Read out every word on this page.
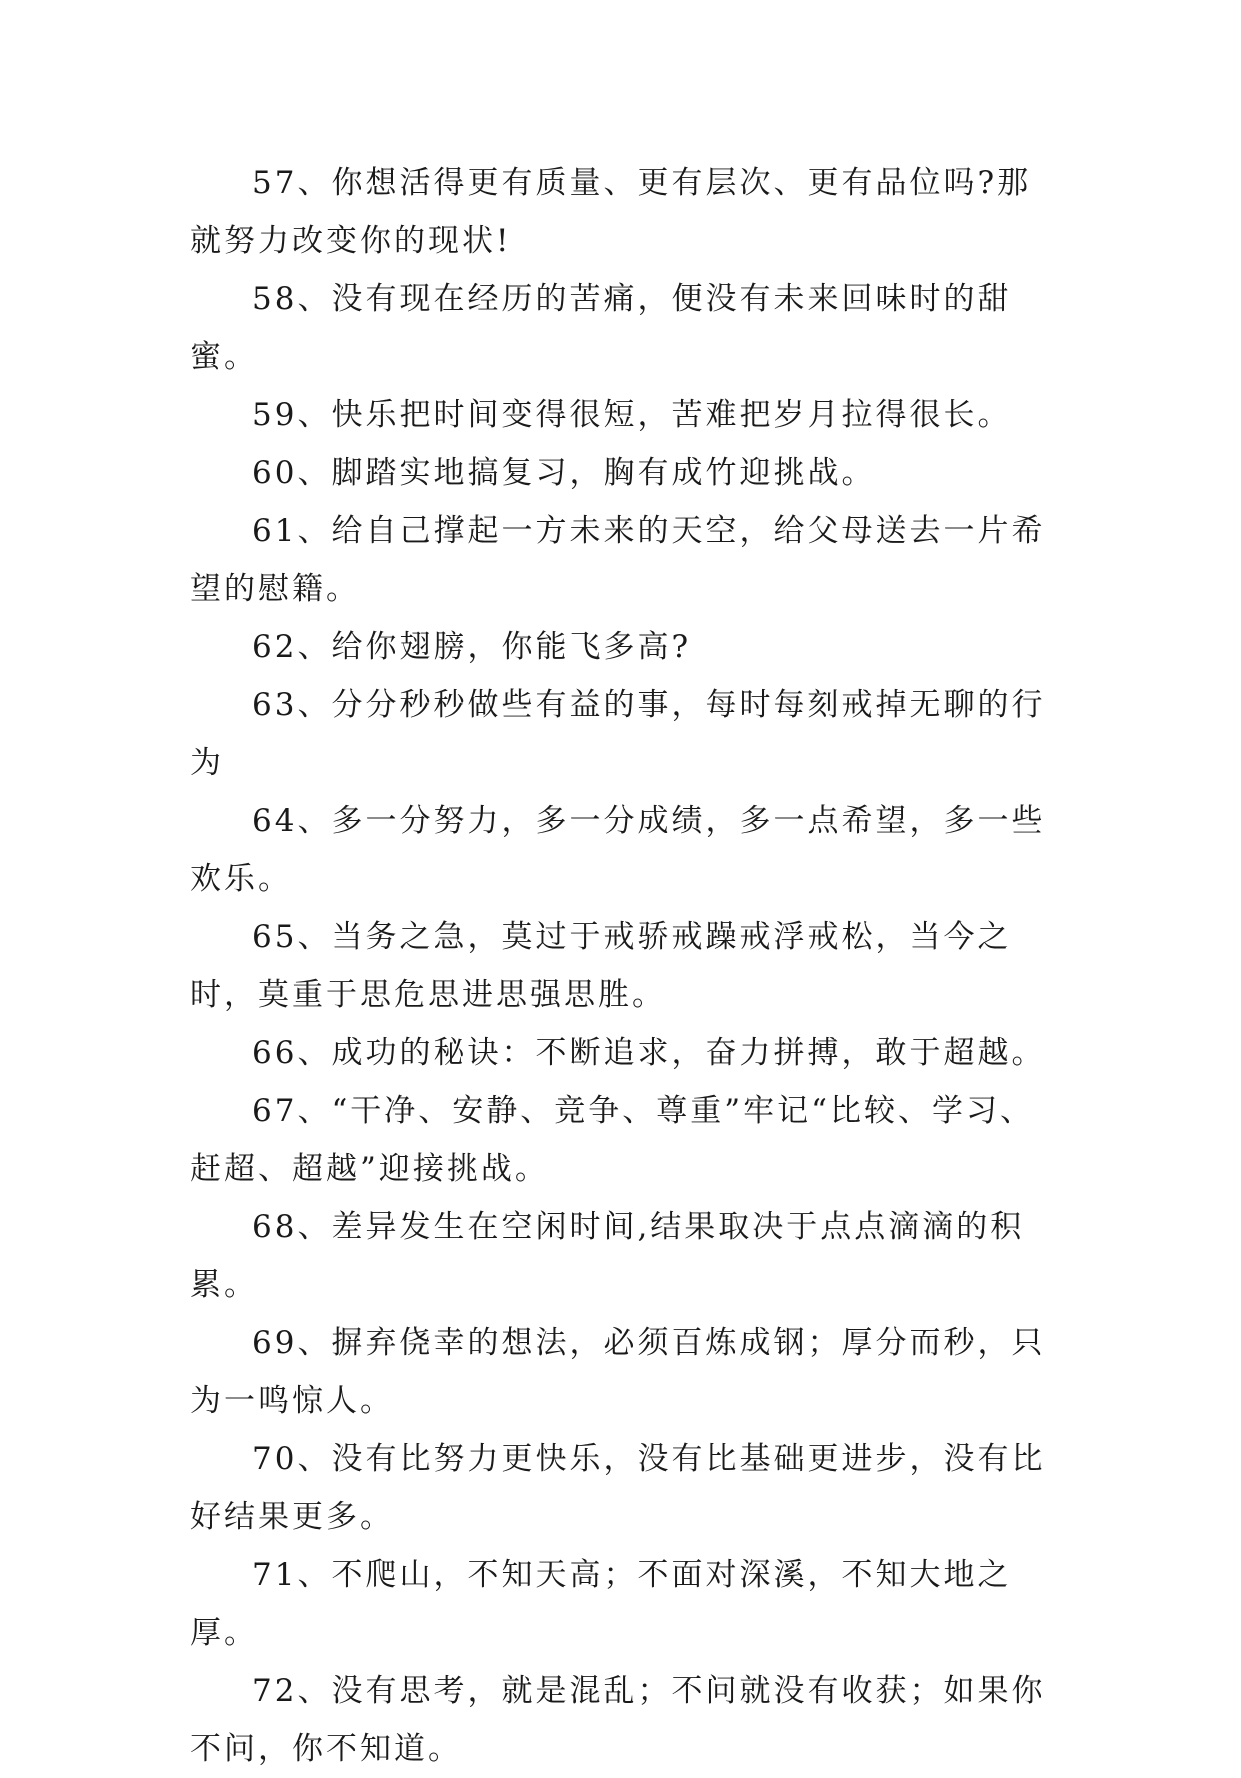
57、你想活得更有质量、更有层次、更有品位吗?那就努力改变你的现状!

58、没有现在经历的苦痛，便没有未来回味时的甜蜜。

59、快乐把时间变得很短，苦难把岁月拉得很长。

60、脚踏实地搞复习，胸有成竹迎挑战。

61、给自己撑起一方未来的天空，给父母送去一片希望的慰籍。

62、给你翅膀，你能飞多高?

63、分分秒秒做些有益的事，每时每刻戒掉无聊的行为

64、多一分努力，多一分成绩，多一点希望，多一些欢乐。

65、当务之急，莫过于戒骄戒躁戒浮戒松，当今之时，莫重于思危思进思强思胜。

66、成功的秘诀：不断追求，奋力拼搏，敢于超越。

67、“干净、安静、竞争、尊重”牢记“比较、学习、赶超、超越”迎接挑战。

68、差异发生在空闲时间,结果取决于点点滴滴的积累。

69、摒弃侥幸的想法，必须百炼成钢；厚分而秒，只为一鸣惊人。

70、没有比努力更快乐，没有比基础更进步，没有比好结果更多。

71、不爬山，不知天高；不面对深溪，不知大地之厚。

72、没有思考，就是混乱；不问就没有收获；如果你不问，你不知道。
